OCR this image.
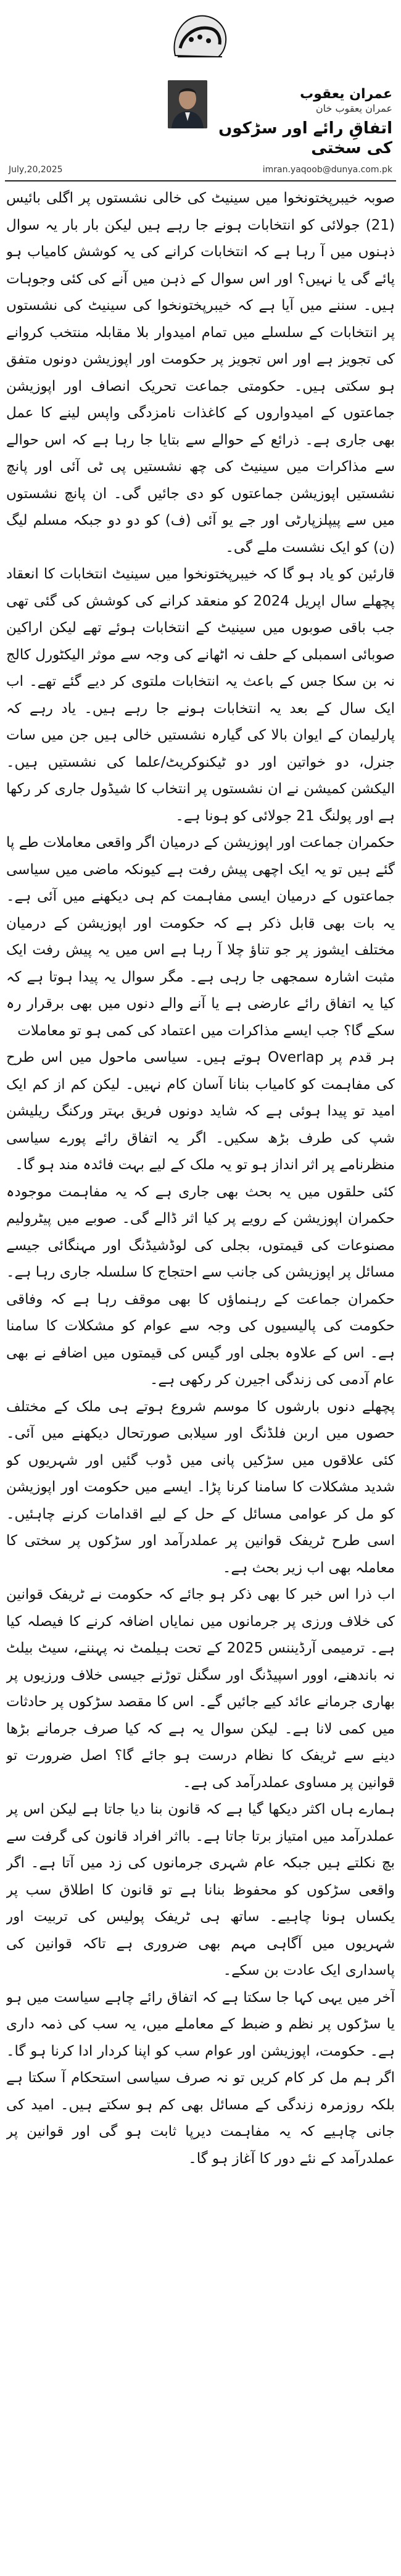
عمران یعقوب
عمران یعقوب خان
اتفاقِ رائے اور سڑکوں کی سختی
July,20,2025	imran.yaqoob@dunya.com.pk

صوبہ خیبرپختونخوا میں سینیٹ کی خالی نشستوں پر اگلی بائیس (21) جولائی کو انتخابات ہونے جا رہے ہیں لیکن بار بار یہ سوال ذہنوں میں آ رہا ہے کہ انتخابات کرانے کی یہ کوشش کامیاب ہو پائے گی یا نہیں؟ اور اس سوال کے ذہن میں آنے کی کئی وجوہات ہیں۔ سننے میں آیا ہے کہ خیبرپختونخوا کی سینیٹ کی نشستوں پر انتخابات کے سلسلے میں تمام امیدوار بلا مقابلہ منتخب کروانے کی تجویز ہے اور اس تجویز پر حکومت اور اپوزیشن دونوں متفق ہو سکتی ہیں۔ حکومتی جماعت تحریک انصاف اور اپوزیشن جماعتوں کے امیدواروں کے کاغذات نامزدگی واپس لینے کا عمل بھی جاری ہے۔ ذرائع کے حوالے سے بتایا جا رہا ہے کہ اس حوالے سے مذاکرات میں سینیٹ کی چھ نشستیں پی ٹی آئی اور پانچ نشستیں اپوزیشن جماعتوں کو دی جائیں گی۔ ان پانچ نشستوں میں سے پیپلزپارٹی اور جے یو آئی (ف) کو دو دو جبکہ مسلم لیگ (ن) کو ایک نشست ملے گی۔

قارئین کو یاد ہو گا کہ خیبرپختونخوا میں سینیٹ انتخابات کا انعقاد پچھلے سال اپریل 2024 کو منعقد کرانے کی کوشش کی گئی تھی جب باقی صوبوں میں سینیٹ کے انتخابات ہوئے تھے لیکن اراکین صوبائی اسمبلی کے حلف نہ اٹھانے کی وجہ سے موثر الیکٹورل کالج نہ بن سکا جس کے باعث یہ انتخابات ملتوی کر دیے گئے تھے۔ اب ایک سال کے بعد یہ انتخابات ہونے جا رہے ہیں۔ یاد رہے کہ پارلیمان کے ایوان بالا کی گیارہ نشستیں خالی ہیں جن میں سات جنرل، دو خواتین اور دو ٹیکنوکریٹ/علما کی نشستیں ہیں۔ الیکشن کمیشن نے ان نشستوں پر انتخاب کا شیڈول جاری کر رکھا ہے اور پولنگ 21 جولائی کو ہونا ہے۔

حکمران جماعت اور اپوزیشن کے درمیان اگر واقعی معاملات طے پا گئے ہیں تو یہ ایک اچھی پیش رفت ہے کیونکہ ماضی میں سیاسی جماعتوں کے درمیان ایسی مفاہمت کم ہی دیکھنے میں آئی ہے۔ یہ بات بھی قابل ذکر ہے کہ حکومت اور اپوزیشن کے درمیان مختلف ایشوز پر جو تناؤ چلا آ رہا ہے اس میں یہ پیش رفت ایک مثبت اشارہ سمجھی جا رہی ہے۔ مگر سوال یہ پیدا ہوتا ہے کہ کیا یہ اتفاق رائے عارضی ہے یا آنے والے دنوں میں بھی برقرار رہ سکے گا؟ جب ایسے مذاکرات میں اعتماد کی کمی ہو تو معاملات

ہر قدم پر Overlap ہوتے ہیں۔ سیاسی ماحول میں اس طرح کی مفاہمت کو کامیاب بنانا آسان کام نہیں۔ لیکن کم از کم ایک امید تو پیدا ہوئی ہے کہ شاید دونوں فریق بہتر ورکنگ ریلیشن شپ کی طرف بڑھ سکیں۔ اگر یہ اتفاق رائے پورے سیاسی منظرنامے پر اثر انداز ہو تو یہ ملک کے لیے بہت فائدہ مند ہو گا۔

کئی حلقوں میں یہ بحث بھی جاری ہے کہ یہ مفاہمت موجودہ حکمران اپوزیشن کے رویے پر کیا اثر ڈالے گی۔ صوبے میں پیٹرولیم مصنوعات کی قیمتوں، بجلی کی لوڈشیڈنگ اور مہنگائی جیسے مسائل پر اپوزیشن کی جانب سے احتجاج کا سلسلہ جاری رہا ہے۔ حکمران جماعت کے رہنماؤں کا بھی موقف رہا ہے کہ وفاقی حکومت کی پالیسیوں کی وجہ سے عوام کو مشکلات کا سامنا ہے۔ اس کے علاوہ بجلی اور گیس کی قیمتوں میں اضافے نے بھی عام آدمی کی زندگی اجیرن کر رکھی ہے۔

پچھلے دنوں بارشوں کا موسم شروع ہوتے ہی ملک کے مختلف حصوں میں اربن فلڈنگ اور سیلابی صورتحال دیکھنے میں آئی۔ کئی علاقوں میں سڑکیں پانی میں ڈوب گئیں اور شہریوں کو شدید مشکلات کا سامنا کرنا پڑا۔ ایسے میں حکومت اور اپوزیشن کو مل کر عوامی مسائل کے حل کے لیے اقدامات کرنے چاہئیں۔ اسی طرح ٹریفک قوانین پر عملدرآمد اور سڑکوں پر سختی کا معاملہ بھی اب زیر بحث ہے۔

اب ذرا اس خبر کا بھی ذکر ہو جائے کہ حکومت نے ٹریفک قوانین کی خلاف ورزی پر جرمانوں میں نمایاں اضافہ کرنے کا فیصلہ کیا ہے۔ ترمیمی آرڈیننس 2025 کے تحت ہیلمٹ نہ پہننے، سیٹ بیلٹ نہ باندھنے، اوور اسپیڈنگ اور سگنل توڑنے جیسی خلاف ورزیوں پر بھاری جرمانے عائد کیے جائیں گے۔ اس کا مقصد سڑکوں پر حادثات میں کمی لانا ہے۔ لیکن سوال یہ ہے کہ کیا صرف جرمانے بڑھا دینے سے ٹریفک کا نظام درست ہو جائے گا؟ اصل ضرورت تو قوانین پر مساوی عملدرآمد کی ہے۔

ہمارے ہاں اکثر دیکھا گیا ہے کہ قانون بنا دیا جاتا ہے لیکن اس پر عملدرآمد میں امتیاز برتا جاتا ہے۔ بااثر افراد قانون کی گرفت سے بچ نکلتے ہیں جبکہ عام شہری جرمانوں کی زد میں آتا ہے۔ اگر واقعی سڑکوں کو محفوظ بنانا ہے تو قانون کا اطلاق سب پر یکساں ہونا چاہیے۔ ساتھ ہی ٹریفک پولیس کی تربیت اور شہریوں میں آگاہی مہم بھی ضروری ہے تاکہ قوانین کی پاسداری ایک عادت بن سکے۔

آخر میں یہی کہا جا سکتا ہے کہ اتفاق رائے چاہے سیاست میں ہو یا سڑکوں پر نظم و ضبط کے معاملے میں، یہ سب کی ذمہ داری ہے۔ حکومت، اپوزیشن اور عوام سب کو اپنا کردار ادا کرنا ہو گا۔ اگر ہم مل کر کام کریں تو نہ صرف سیاسی استحکام آ سکتا ہے بلکہ روزمرہ زندگی کے مسائل بھی کم ہو سکتے ہیں۔ امید کی جانی چاہیے کہ یہ مفاہمت دیرپا ثابت ہو گی اور قوانین پر عملدرآمد کے نئے دور کا آغاز ہو گا۔
